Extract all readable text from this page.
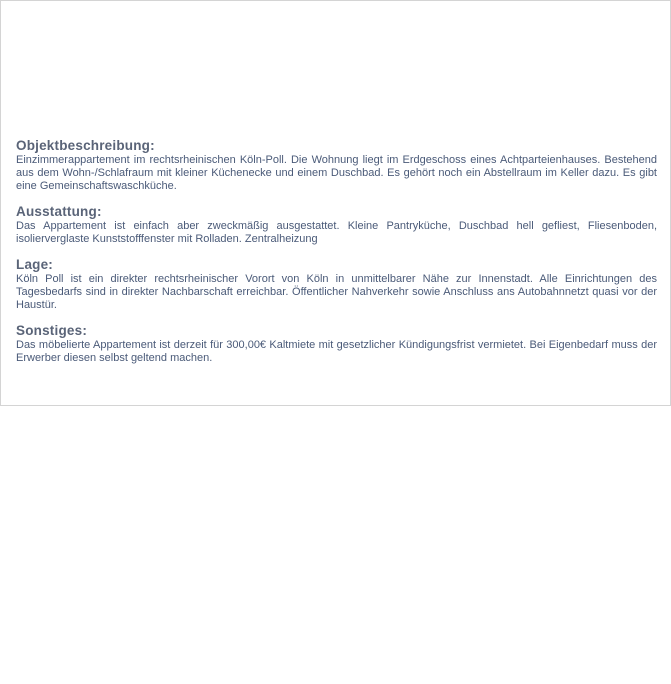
Objektbeschreibung:

Einzimmerappartement im rechtsrheinischen Köln-Poll. Die Wohnung liegt im Erdgeschoss eines Achtparteienhauses. Bestehend aus dem Wohn-/Schlafraum mit kleiner Küchenecke und einem Duschbad. Es gehört noch ein Abstellraum im Keller dazu. Es gibt eine Gemeinschaftswaschküche.

Ausstattung:

Das Appartement ist einfach aber zweckmäßig ausgestattet. Kleine Pantryküche, Duschbad hell gefliest, Fliesenboden, isolierverglaste Kunststofffenster mit Rolladen. Zentralheizung

Lage:

Köln Poll ist ein direkter rechtsrheinischer Vorort von Köln in unmittelbarer Nähe zur Innenstadt. Alle Einrichtungen des Tagesbedarfs sind in direkter Nachbarschaft erreichbar. Öffentlicher Nahverkehr sowie Anschluss ans Autobahnnetzt quasi vor der Haustür.

Sonstiges:

Das möbelierte Appartement ist derzeit für 300,00€ Kaltmiete mit gesetzlicher Kündigungsfrist vermietet. Bei Eigenbedarf muss der Erwerber diesen selbst geltend machen.
